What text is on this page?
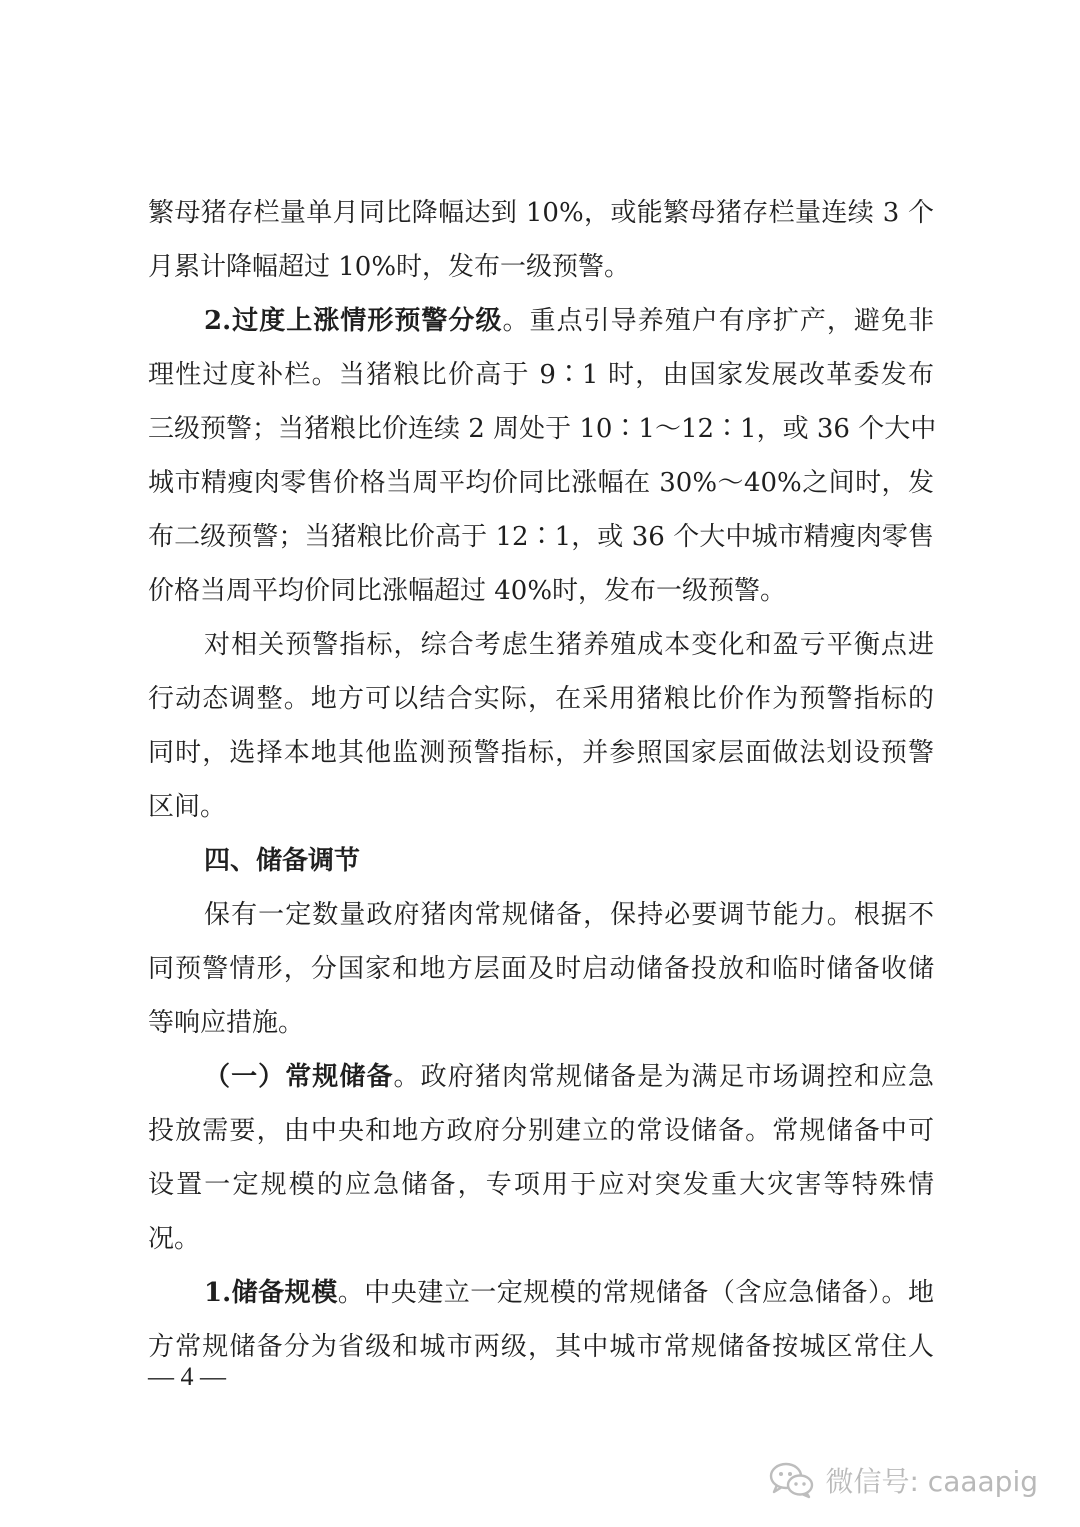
繁母猪存栏量单月同比降幅达到 10%，或能繁母猪存栏量连续 3 个
月累计降幅超过 10%时，发布一级预警。
2.过度上涨情形预警分级。重点引导养殖户有序扩产，避免非
理性过度补栏。当猪粮比价高于 9∶1 时，由国家发展改革委发布
三级预警；当猪粮比价连续 2 周处于 10∶1～12∶1，或 36 个大中
城市精瘦肉零售价格当周平均价同比涨幅在 30%～40%之间时，发
布二级预警；当猪粮比价高于 12∶1，或 36 个大中城市精瘦肉零售
价格当周平均价同比涨幅超过 40%时，发布一级预警。
对相关预警指标，综合考虑生猪养殖成本变化和盈亏平衡点进
行动态调整。地方可以结合实际，在采用猪粮比价作为预警指标的
同时，选择本地其他监测预警指标，并参照国家层面做法划设预警
区间。
四、储备调节
保有一定数量政府猪肉常规储备，保持必要调节能力。根据不
同预警情形，分国家和地方层面及时启动储备投放和临时储备收储
等响应措施。
（一）常规储备。政府猪肉常规储备是为满足市场调控和应急
投放需要，由中央和地方政府分别建立的常设储备。常规储备中可
设置一定规模的应急储备，专项用于应对突发重大灾害等特殊情
况。
1.储备规模。中央建立一定规模的常规储备（含应急储备）。地
方常规储备分为省级和城市两级，其中城市常规储备按城区常住人
— 4 —
微信号: caaapig
